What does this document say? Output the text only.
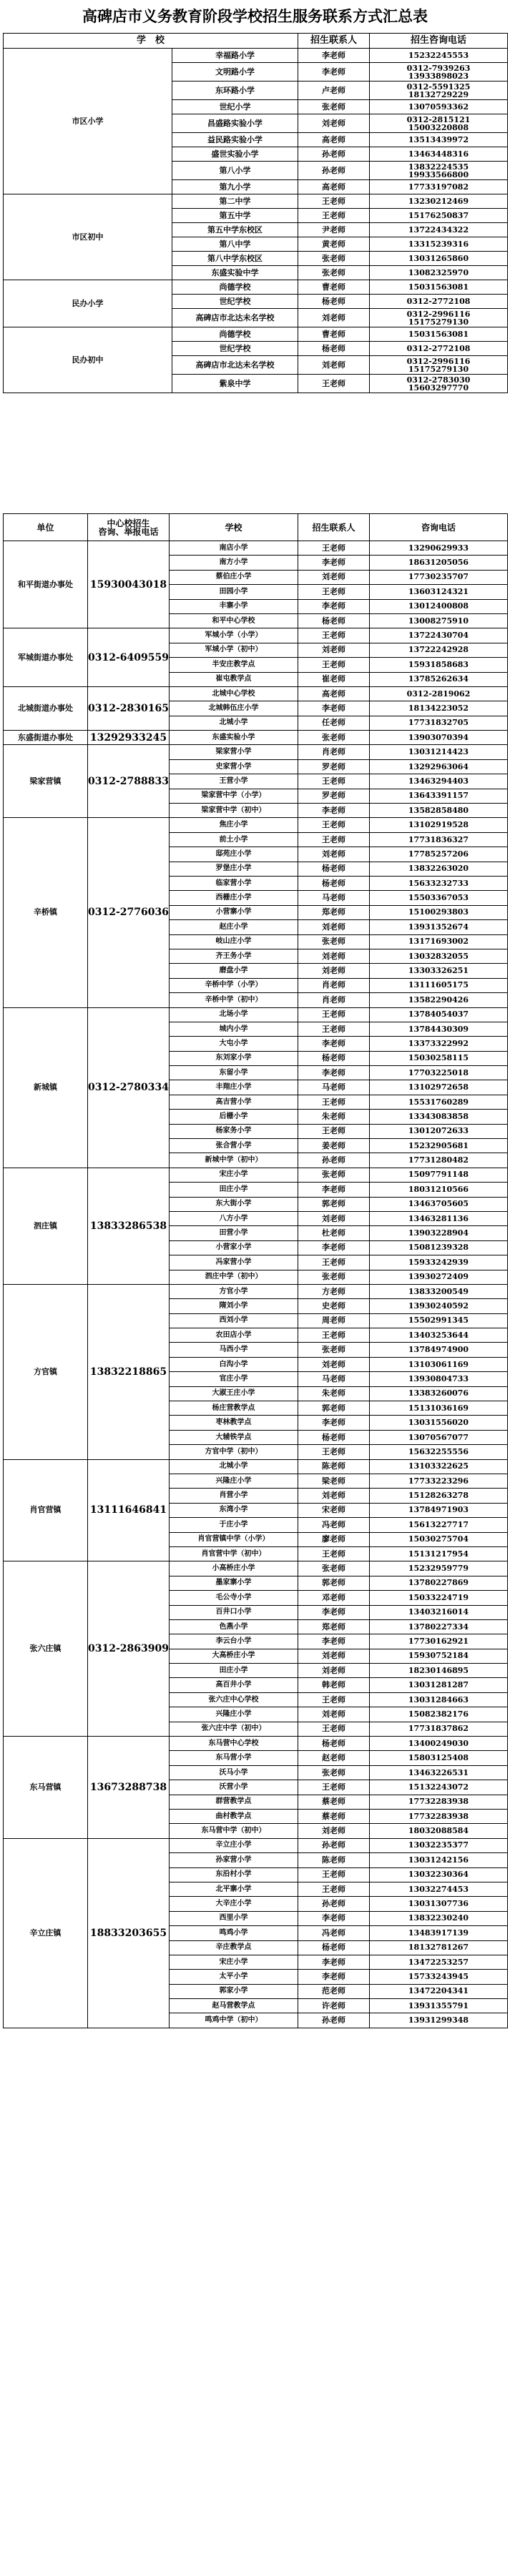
高碑店市义务教育阶段学校招生服务联系方式汇总表
学　校		招生联系人	招生咨询电话
市区小学	幸福路小学	李老师	15232245553
	文明路小学	李老师	0312-7939263
13933898023
	东环路小学	卢老师	0312-5591325
18132729229
	世纪小学	张老师	13070593362
	昌盛路实验小学	刘老师	0312-2815121
15003220808
	益民路实验小学	高老师	13513439972
	盛世实验小学	孙老师	13463448316
	第八小学	孙老师	13832224535
19933566800
	第九小学	高老师	17733197082
市区初中	第二中学	王老师	13230212469
	第五中学	王老师	15176250837
	第五中学东校区	尹老师	13722434322
	第八中学	黄老师	13315239316
	第八中学东校区	张老师	13031265860
	东盛实验中学	张老师	13082325970
民办小学	尚德学校	曹老师	15031563081
	世纪学校	杨老师	0312-2772108
	高碑店市北达未名学校	刘老师	0312-2996116
15175279130
民办初中	尚德学校	曹老师	15031563081
	世纪学校	杨老师	0312-2772108
	高碑店市北达未名学校	刘老师	0312-2996116
15175279130
	紫泉中学	王老师	0312-2783030
15603297770
单位	中心校招生
咨询、举报电话	学校	招生联系人	咨询电话
和平街道办事处	15930043018	南店小学	王老师	13290629933
		南方小学	李老师	18631205056
		蔡伯庄小学	刘老师	17730235707
		田园小学	王老师	13603124321
		丰寨小学	李老师	13012400808
		和平中心学校	杨老师	13008275910
军城街道办事处	0312-6409559	军城小学（小学）	王老师	13722430704
		军城小学（初中）	刘老师	13722242928
		半安庄教学点	王老师	15931858683
		崔屯教学点	崔老师	13785262634
北城街道办事处	0312-2830165	北城中心学校	高老师	0312-2819062
		北城韩伍庄小学	李老师	18134223052
		北城小学	任老师	17731832705
东盛街道办事处	13292933245	东盛实验小学	张老师	13903070394
梁家营镇	0312-2788833	梁家营小学	肖老师	13031214423
		史家营小学	罗老师	13292963064
		王营小学	王老师	13463294403
		梁家营中学（小学）	罗老师	13643391157
		梁家营中学（初中）	李老师	13582858480
辛桥镇	0312-2776036	焦庄小学	王老师	13102919528
		前土小学	王老师	17731836327
		邸苑庄小学	刘老师	17785257206
		罗堡庄小学	杨老师	13832263020
		临家营小学	杨老师	15633232733
		西栅庄小学	马老师	15503367053
		小营寨小学	郑老师	15100293803
		赵庄小学	刘老师	13931352674
		岐山庄小学	张老师	13171693002
		齐王务小学	刘老师	13032832055
		磨盘小学	刘老师	13303326251
		辛桥中学（小学）	肖老师	13111605175
		辛桥中学（初中）	肖老师	13582290426
新城镇	0312-2780334	北场小学	王老师	13784054037
		城内小学	王老师	13784430309
		大屯小学	李老师	13373322992
		东刘家小学	杨老师	15030258115
		东留小学	李老师	17703225018
		丰翔庄小学	马老师	13102972658
		高吉营小学	王老师	15531760289
		后栅小学	朱老师	13343083858
		杨家务小学	王老师	13012072633
		张合营小学	姜老师	15232905681
		新城中学（初中）	孙老师	17731280482
泗庄镇	13833286538	宋庄小学	张老师	15097791148
		田庄小学	李老师	18031210566
		东大街小学	郭老师	13463705605
		八方小学	刘老师	13463281136
		田营小学	杜老师	13903228904
		小营家小学	李老师	15081239328
		冯家营小学	王老师	15933242939
		泗庄中学（初中）	张老师	13930272409
方官镇	13832218865	方官小学	方老师	13833200549
		隋刘小学	史老师	13930240592
		西刘小学	周老师	15502991345
		农田店小学	王老师	13403253644
		马西小学	张老师	13784974900
		白沟小学	刘老师	13103061169
		官庄小学	马老师	13930804733
		大淑王庄小学	朱老师	13383260076
		杨庄营教学点	郭老师	15131036169
		枣林教学点	李老师	13031556020
		大辅铁学点	杨老师	13070567077
		方官中学（初中）	王老师	15632255556
肖官营镇	13111646841	北城小学	陈老师	13103322625
		兴隆庄小学	梁老师	17733223296
		肖营小学	刘老师	15128263278
		东湾小学	宋老师	13784971903
		于庄小学	冯老师	15613227717
		肖官营镇中学（小学）	廖老师	15030275704
		肖官营中学（初中）	王老师	15131217954
张六庄镇	0312-2863909	小高桥庄小学	张老师	15232959779
		墨家寨小学	郭老师	13780227869
		毛公寺小学	邓老师	15033224719
		百井口小学	李老师	13403216014
		色燕小学	郑老师	13780227334
		李云台小学	李老师	17730162921
		大高桥庄小学	刘老师	15930752184
		田庄小学	刘老师	18230146895
		高百井小学	韩老师	13031281287
		张六庄中心学校	王老师	13031284663
		兴隆庄小学	刘老师	15082382176
		张六庄中学（初中）	王老师	17731837862
东马营镇	13673288738	东马营中心学校	杨老师	13400249030
		东马营小学	赵老师	15803125408
		沃马小学	张老师	13463226531
		沃营小学	王老师	15132243072
		群营教学点	蔡老师	17732283938
		曲村教学点	蔡老师	17732283938
		东马营中学（初中）	刘老师	18032088584
辛立庄镇	18833203655	辛立庄小学	孙老师	13032235377
		孙家营小学	陈老师	13031242156
		东沿村小学	王老师	13032230364
		北平寨小学	王老师	13032274453
		大辛庄小学	孙老师	13031307736
		西里小学	李老师	13832230240
		鸣鸡小学	冯老师	13483917139
		辛庄教学点	杨老师	18132781267
		宋庄小学	李老师	13472253257
		太平小学	李老师	15733243945
		郭家小学	范老师	13472204341
		赵马营教学点	许老师	13931355791
		鸣鸡中学（初中）	孙老师	13931299348
